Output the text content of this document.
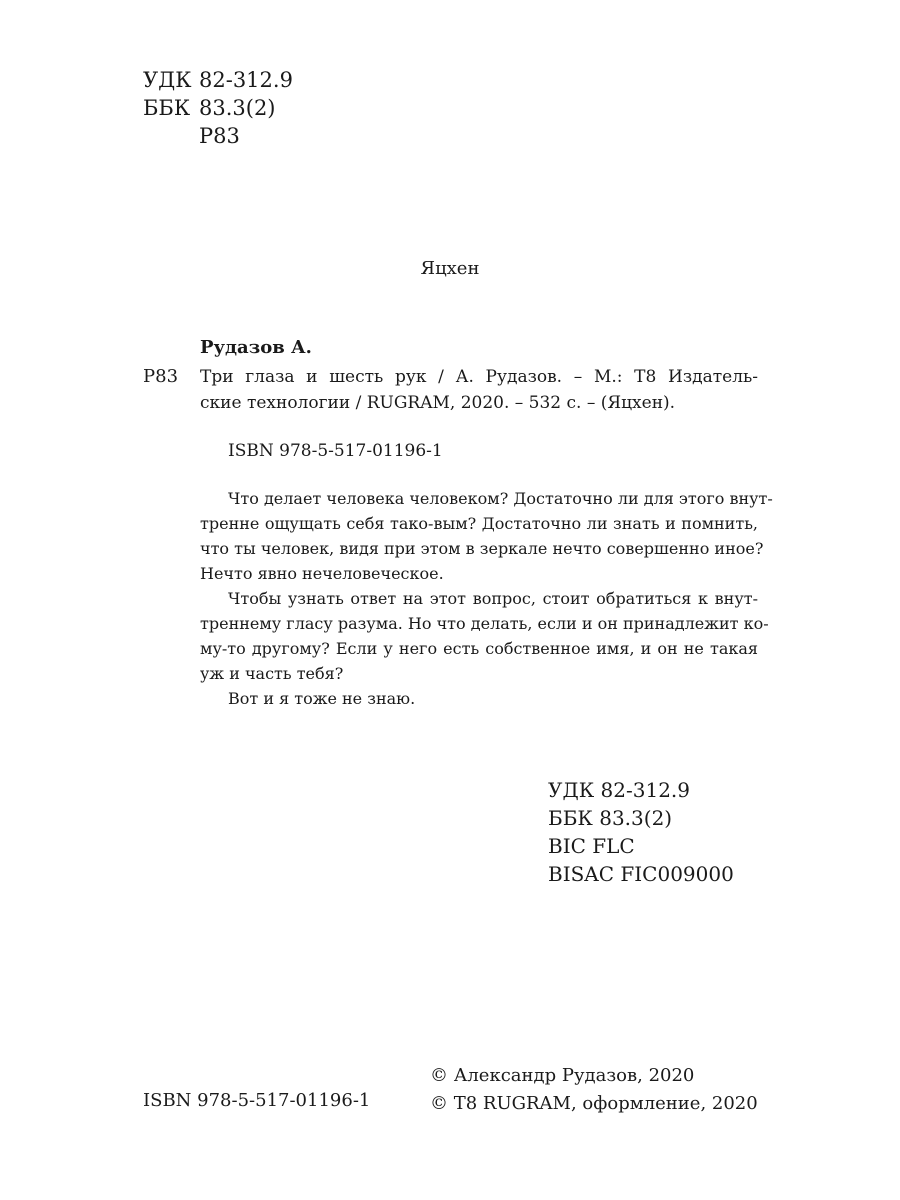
УДК 82-312.9
ББК 83.3(2)
Р83
Яцхен
Рудазов А.
Р83 Три глаза и шесть рук / А. Рудазов. – М.: Т8 Издатель-
ские технологии / RUGRAM, 2020. – 532 с. – (Яцхен).
ISBN 978-5-517-01196-1
Что делает человека человеком? Достаточно ли для этого внут-
тренне ощущать себя тако-вым? Достаточно ли знать и помнить,
что ты человек, видя при этом в зеркале нечто совершенно иное?
Нечто явно нечеловеческое.
Чтобы узнать ответ на этот вопрос, стоит обратиться к внут-
треннему гласу разума. Но что делать, если и он принадлежит ко-
му-то другому? Если у него есть собственное имя, и он не такая
уж и часть тебя?
Вот и я тоже не знаю.
УДК 82-312.9
ББК 83.3(2)
BIC FLC
BISAC FIC009000
ISBN 978-5-517-01196-1
© Александр Рудазов, 2020
© Т8 RUGRAM, оформление, 2020
